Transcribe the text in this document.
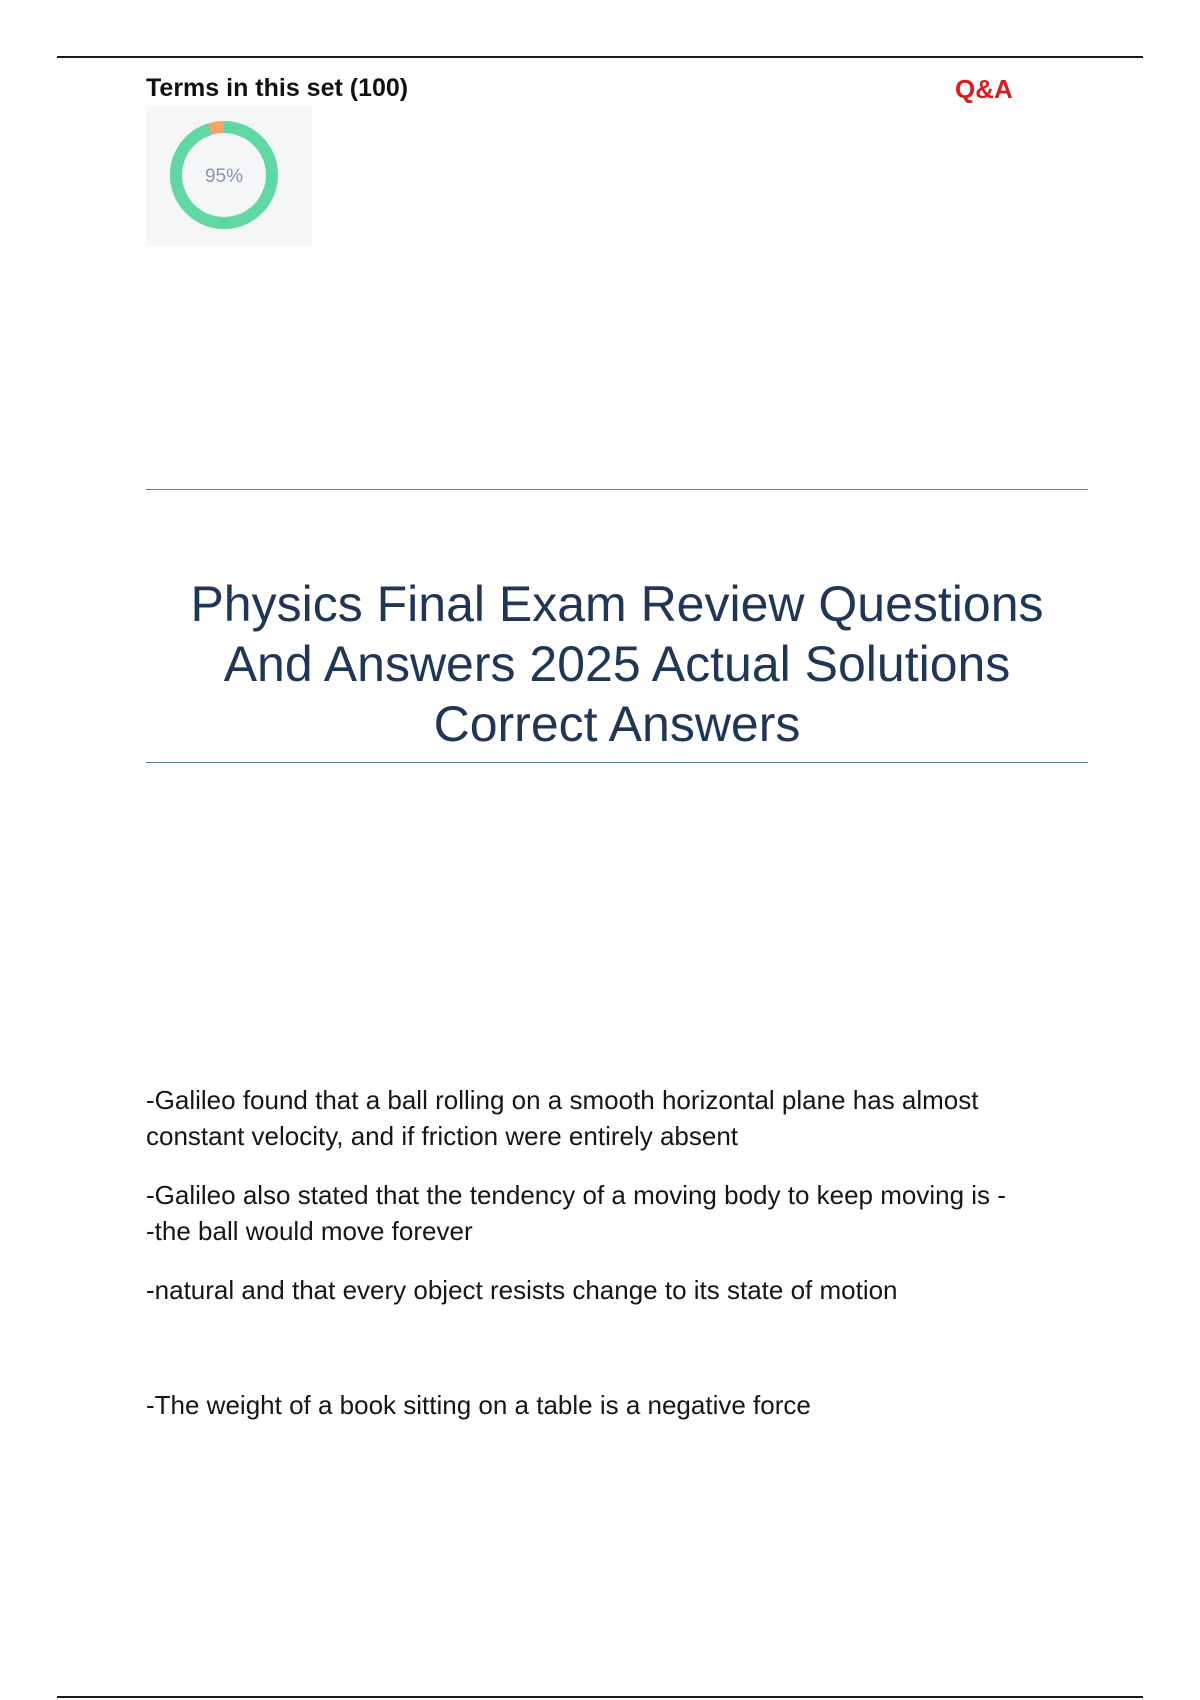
Terms in this set (100)	Q&A
95%
Physics Final Exam Review Questions
And Answers 2025 Actual Solutions
Correct Answers

-Galileo found that a ball rolling on a smooth horizontal plane has almost

constant velocity, and if friction were entirely absent

-Galileo also stated that the tendency of a moving body to keep moving is -

-the ball would move forever

-natural and that every object resists change to its state of motion

-The weight of a book sitting on a table is a negative force
